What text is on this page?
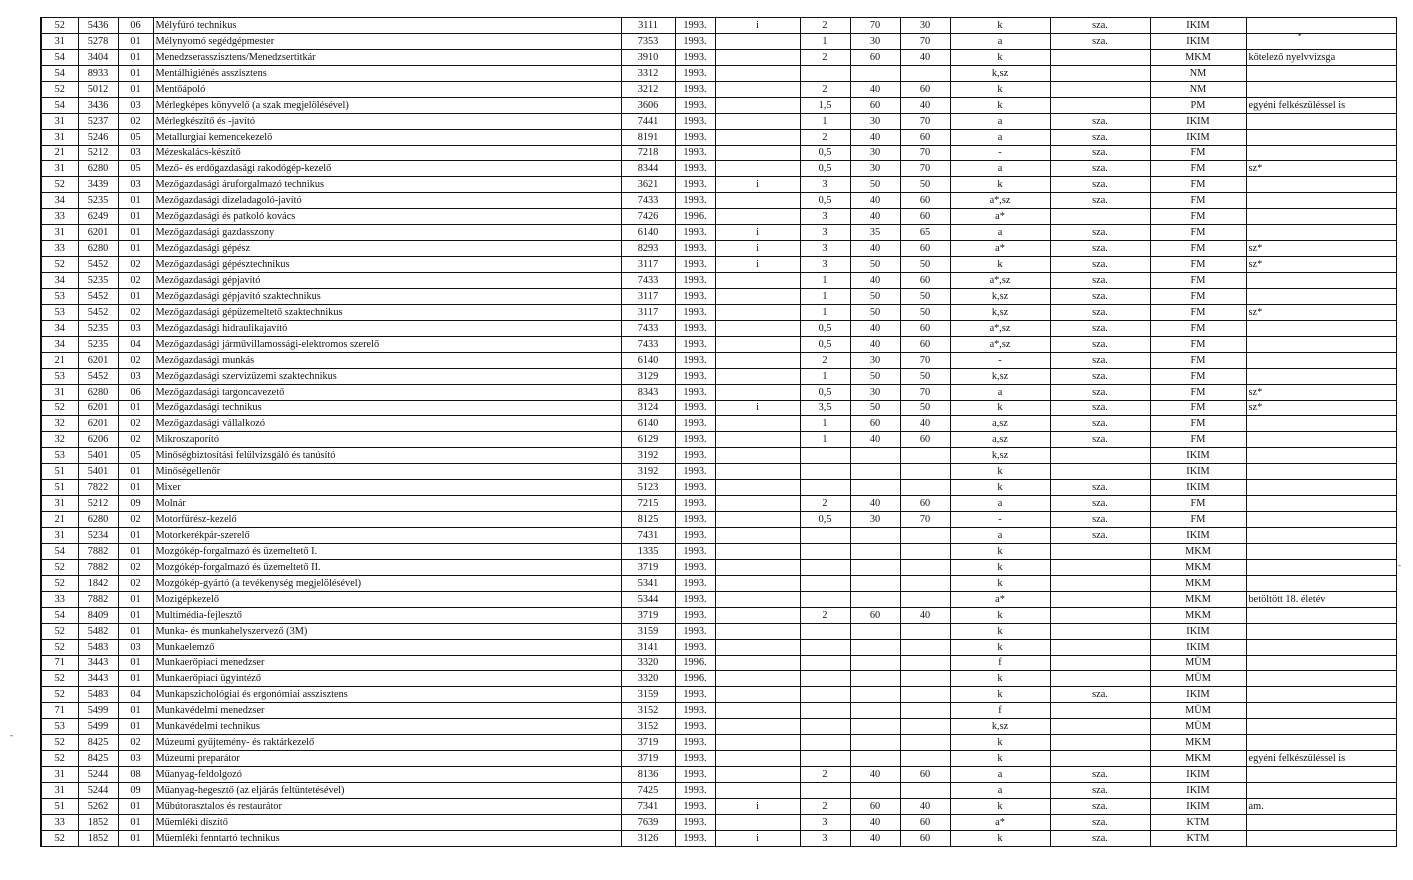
52	5436	06	Mélyfúró technikus	3111	1993.	i	2	70	30	k	sza.	IKIM	
31	5278	01	Mélynyomó segédgépmester	7353	1993.		1	30	70	a	sza.	IKIM	
54	3404	01	Menedzserasszisztens/Menedzsertitkár	3910	1993.		2	60	40	k		MKM	kötelező nyelvvizsga
54	8933	01	Mentálhigiénés asszisztens	3312	1993.					k,sz		NM	
52	5012	01	Mentőápoló	3212	1993.		2	40	60	k		NM	
54	3436	03	Mérlegképes könyvelő (a szak megjelölésével)	3606	1993.		1,5	60	40	k		PM	egyéni felkészüléssel is
31	5237	02	Mérlegkészítő és -javító	7441	1993.		1	30	70	a	sza.	IKIM	
31	5246	05	Metallurgiai kemencekezelő	8191	1993.		2	40	60	a	sza.	IKIM	
21	5212	03	Mézeskalács-készítő	7218	1993.		0,5	30	70	-	sza.	FM	
31	6280	05	Mező- és erdőgazdasági rakodógép-kezelő	8344	1993.		0,5	30	70	a	sza.	FM	sz*
52	3439	03	Mezőgazdasági áruforgalmazó technikus	3621	1993.	i	3	50	50	k	sza.	FM	
34	5235	01	Mezőgazdasági dízeladagoló-javító	7433	1993.		0,5	40	60	a*,sz	sza.	FM	
33	6249	01	Mezőgazdasági és patkoló kovács	7426	1996.		3	40	60	a*		FM	
31	6201	01	Mezőgazdasági gazdasszony	6140	1993.	i	3	35	65	a	sza.	FM	
33	6280	01	Mezőgazdasági gépész	8293	1993.	i	3	40	60	a*	sza.	FM	sz*
52	5452	02	Mezőgazdasági gépésztechnikus	3117	1993.	i	3	50	50	k	sza.	FM	sz*
34	5235	02	Mezőgazdasági gépjavító	7433	1993.		1	40	60	a*,sz	sza.	FM	
53	5452	01	Mezőgazdasági gépjavító szaktechnikus	3117	1993.		1	50	50	k,sz	sza.	FM	
53	5452	02	Mezőgazdasági gépüzemeltető szaktechnikus	3117	1993.		1	50	50	k,sz	sza.	FM	sz*
34	5235	03	Mezőgazdasági hidraulikajavító	7433	1993.		0,5	40	60	a*,sz	sza.	FM	
34	5235	04	Mezőgazdasági járművillamossági-elektromos szerelő	7433	1993.		0,5	40	60	a*,sz	sza.	FM	
21	6201	02	Mezőgazdasági munkás	6140	1993.		2	30	70	-	sza.	FM	
53	5452	03	Mezőgazdasági szervizüzemi szaktechnikus	3129	1993.		1	50	50	k,sz	sza.	FM	
31	6280	06	Mezőgazdasági targoncavezető	8343	1993.		0,5	30	70	a	sza.	FM	sz*
52	6201	01	Mezőgazdasági technikus	3124	1993.	i	3,5	50	50	k	sza.	FM	sz*
32	6201	02	Mezőgazdasági vállalkozó	6140	1993.		1	60	40	a,sz	sza.	FM	
32	6206	02	Mikroszaporító	6129	1993.		1	40	60	a,sz	sza.	FM	
53	5401	05	Minőségbiztosítási felülvizsgáló és tanúsító	3192	1993.					k,sz		IKIM	
51	5401	01	Minőségellenőr	3192	1993.					k		IKIM	
51	7822	01	Mixer	5123	1993.					k	sza.	IKIM	
31	5212	09	Molnár	7215	1993.		2	40	60	a	sza.	FM	
21	6280	02	Motorfűrész-kezelő	8125	1993.		0,5	30	70	-	sza.	FM	
31	5234	01	Motorkerékpár-szerelő	7431	1993.					a	sza.	IKIM	
54	7882	01	Mozgókép-forgalmazó és üzemeltető I.	1335	1993.					k		MKM	
52	7882	02	Mozgókép-forgalmazó és üzemeltető II.	3719	1993.					k		MKM	
52	1842	02	Mozgókép-gyártó (a tevékenység megjelölésével)	5341	1993.					k		MKM	
33	7882	01	Mozigépkezelő	5344	1993.					a*		MKM	betöltött 18. életév
54	8409	01	Multimédia-fejlesztő	3719	1993.		2	60	40	k		MKM	
52	5482	01	Munka- és munkahelyszervező (3M)	3159	1993.					k		IKIM	
52	5483	03	Munkaelemző	3141	1993.					k		IKIM	
71	3443	01	Munkaerőpiaci menedzser	3320	1996.					f		MÜM	
52	3443	01	Munkaerőpiaci ügyintéző	3320	1996.					k		MÜM	
52	5483	04	Munkapszichológiai és ergonómiai asszisztens	3159	1993.					k	sza.	IKIM	
71	5499	01	Munkavédelmi menedzser	3152	1993.					f		MÜM	
53	5499	01	Munkavédelmi technikus	3152	1993.					k,sz		MÜM	
52	8425	02	Múzeumi gyűjtemény- és raktárkezelő	3719	1993.					k		MKM	
52	8425	03	Múzeumi preparátor	3719	1993.					k		MKM	egyéni felkészüléssel is
31	5244	08	Műanyag-feldolgozó	8136	1993.		2	40	60	a	sza.	IKIM	
31	5244	09	Műanyag-hegesztő (az eljárás feltüntetésével)	7425	1993.					a	sza.	IKIM	
51	5262	01	Műbútorasztalos és restaurátor	7341	1993.	i	2	60	40	k	sza.	IKIM	am.
33	1852	01	Műemléki díszítő	7639	1993.		3	40	60	a*	sza.	KTM	
52	1852	01	Műemléki fenntartó technikus	3126	1993.	i	3	40	60	k	sza.	KTM	
•
-
-
